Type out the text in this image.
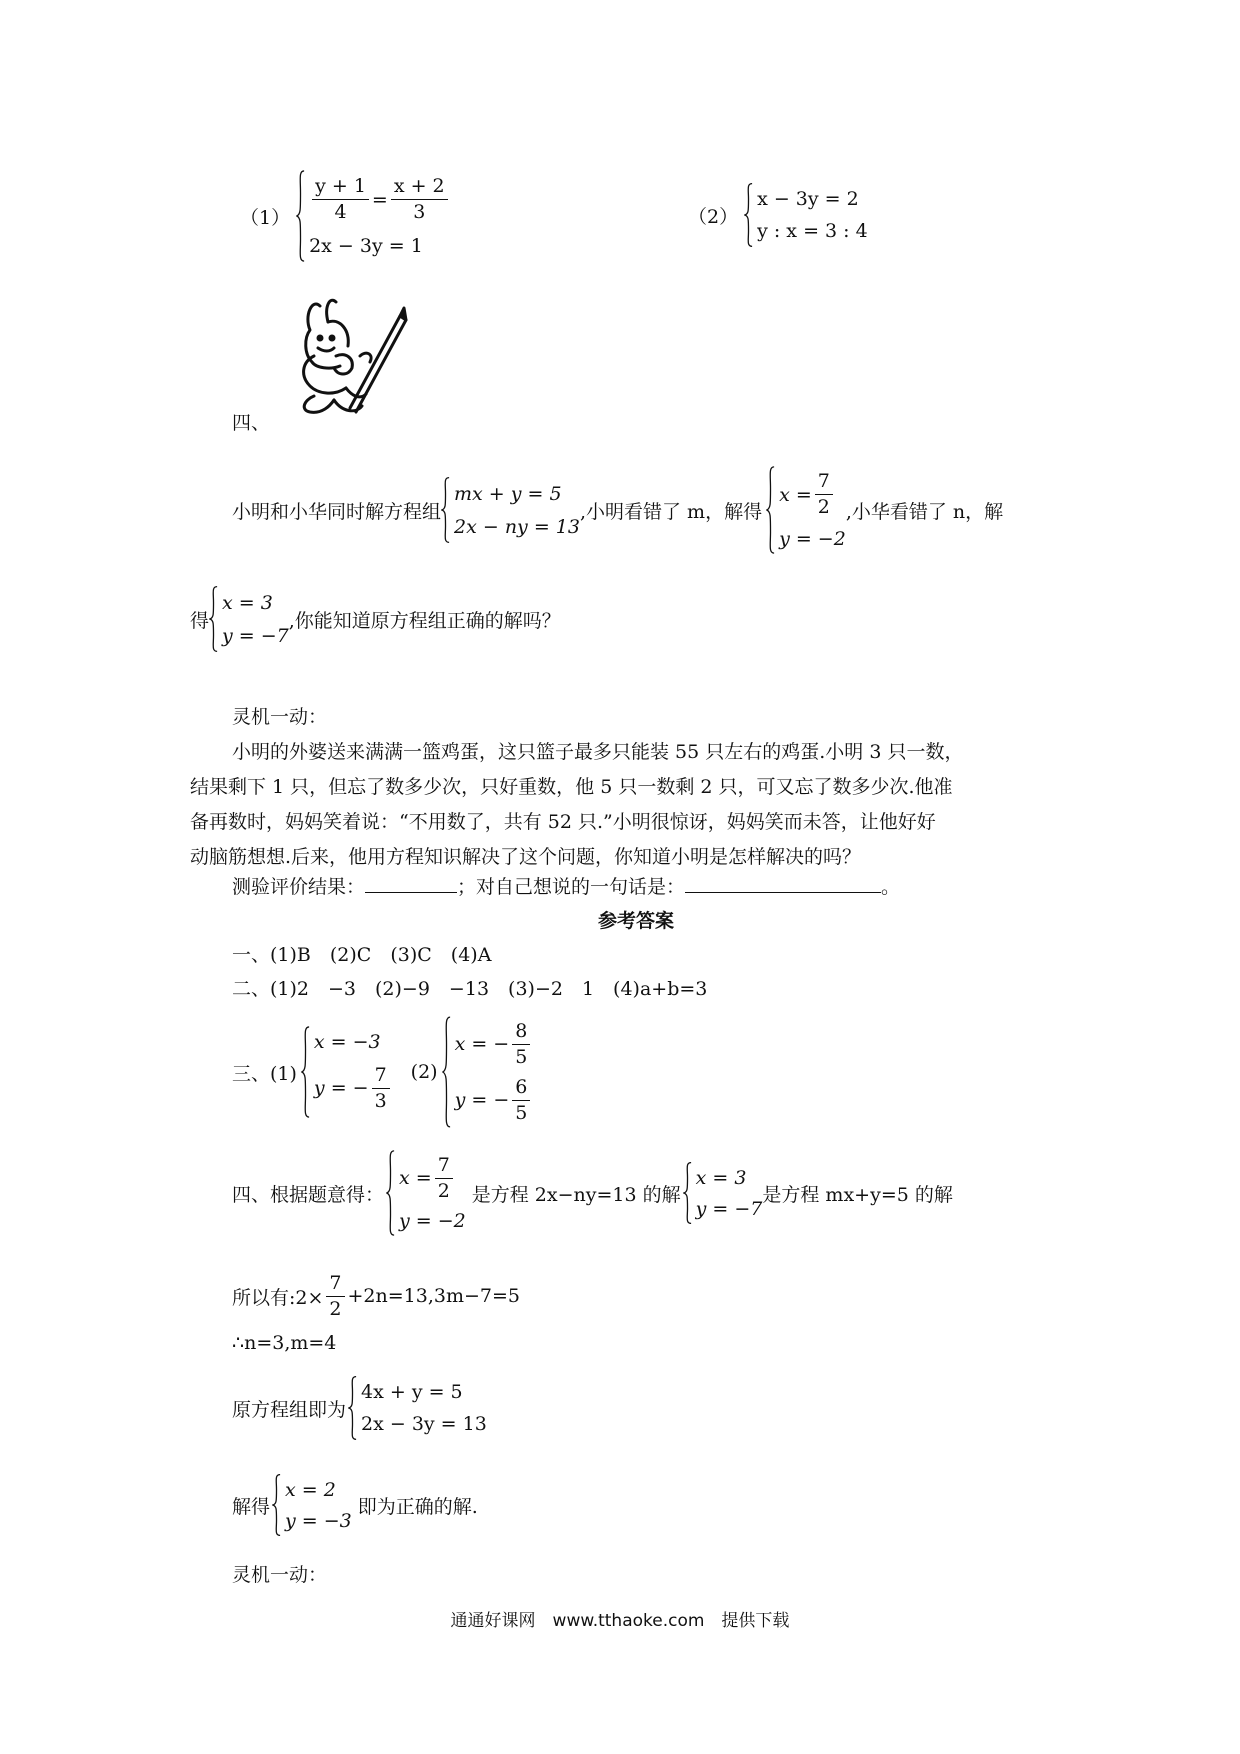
$(1) \frac{y + 1}{4} = \frac{x + 2}{3}$
2x − 3y = 1
（2）
x − 3y = 2
y : x = 3 : 4
四、
小明和小华同时解方程组
mx + y = 5
2x − ny = 13
,小明看错了 m，解得
$x = \frac{7}{2}$
y = −2
,小华看错了 n，解
得
x = 3
y = −7
,你能知道原方程组正确的解吗？

灵机一动：

小明的外婆送来满满一篮鸡蛋，这只篮子最多只能装 55 只左右的鸡蛋.小明 3 只一数，

结果剩下 1 只，但忘了数多少次，只好重数，他 5 只一数剩 2 只，可又忘了数多少次.他准

备再数时，妈妈笑着说：“不用数了，共有 52 只.”小明很惊讶，妈妈笑而未答，让他好好

动脑筋想想.后来，他用方程知识解决了这个问题，你知道小明是怎样解决的吗？

测验评价结果：	；对自己想说的一句话是：	。
参考答案
一、(1)B　(2)C　(3)C　(4)A
二、(1)2　−3　(2)−9　−13　(3)−2　1　(4)a+b=3
三、(1)
x = −3
y = − $\frac{7}{3} (2)$
x = − $\frac{8}{5}$
y = − $\frac{6}{5}$
四、根据题意得：
$x = \frac{7}{2}$
y = −2
是方程 2x−ny=13 的解
x = 3
y = −7
是方程 mx+y=5 的解
所以有:2× $\frac{7}{2} +2n=13,3m-7=5$
∴n=3,m=4
原方程组即为
4x + y = 5
2x − 3y = 13
解得
x = 2
y = −3
即为正确的解.
灵机一动：
通通好课网　www.tthaoke.com　提供下载
